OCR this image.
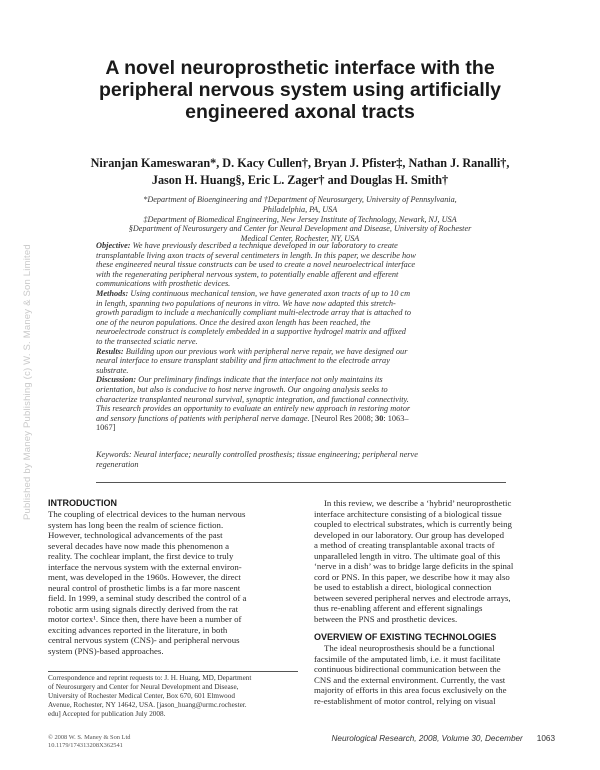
Published by Maney Publishing (c) W. S. Maney & Son Limited
A novel neuroprosthetic interface with the
peripheral nervous system using artificially
engineered axonal tracts
Niranjan Kameswaran*, D. Kacy Cullen†, Bryan J. Pfister‡, Nathan J. Ranalli†,
Jason H. Huang§, Eric L. Zager† and Douglas H. Smith†
*Department of Bioengineering and †Department of Neurosurgery, University of Pennsylvania,
Philadelphia, PA, USA
‡Department of Biomedical Engineering, New Jersey Institute of Technology, Newark, NJ, USA
§Department of Neurosurgery and Center for Neural Development and Disease, University of Rochester
Medical Center, Rochester, NY, USA
Objective: We have previously described a technique developed in our laboratory to create
transplantable living axon tracts of several centimeters in length. In this paper, we describe how
these engineered neural tissue constructs can be used to create a novel neuroelectrical interface
with the regenerating peripheral nervous system, to potentially enable afferent and efferent
communications with prosthetic devices.
Methods: Using continuous mechanical tension, we have generated axon tracts of up to 10 cm
in length, spanning two populations of neurons in vitro. We have now adapted this stretch-
growth paradigm to include a mechanically compliant multi-electrode array that is attached to
one of the neuron populations. Once the desired axon length has been reached, the
neuroelectrode construct is completely embedded in a supportive hydrogel matrix and affixed
to the transected sciatic nerve.
Results: Building upon our previous work with peripheral nerve repair, we have designed our
neural interface to ensure transplant stability and firm attachment to the electrode array
substrate.
Discussion: Our preliminary findings indicate that the interface not only maintains its
orientation, but also is conducive to host nerve ingrowth. Our ongoing analysis seeks to
characterize transplanted neuronal survival, synaptic integration, and functional connectivity.
This research provides an opportunity to evaluate an entirely new approach in restoring motor
and sensory functions of patients with peripheral nerve damage. [Neurol Res 2008; 30: 1063–
1067]
Keywords: Neural interface; neurally controlled prosthesis; tissue engineering; peripheral nerve
regeneration
INTRODUCTION
The coupling of electrical devices to the human nervous
system has long been the realm of science fiction.
However, technological advancements of the past
several decades have now made this phenomenon a
reality. The cochlear implant, the first device to truly
interface the nervous system with the external environ-
ment, was developed in the 1960s. However, the direct
neural control of prosthetic limbs is a far more nascent
field. In 1999, a seminal study described the control of a
robotic arm using signals directly derived from the rat
motor cortex¹. Since then, there have been a number of
exciting advances reported in the literature, in both
central nervous system (CNS)- and peripheral nervous
system (PNS)-based approaches.
Correspondence and reprint requests to: J. H. Huang, MD, Department
of Neurosurgery and Center for Neural Development and Disease,
University of Rochester Medical Center, Box 670, 601 Elmwood
Avenue, Rochester, NY 14642, USA. [jason_huang@urmc.rochester.
edu] Accepted for publication July 2008.
In this review, we describe a ‘hybrid’ neuroprosthetic
interface architecture consisting of a biological tissue
coupled to electrical substrates, which is currently being
developed in our laboratory. Our group has developed
a method of creating transplantable axonal tracts of
unparalleled length in vitro. The ultimate goal of this
‘nerve in a dish’ was to bridge large deficits in the spinal
cord or PNS. In this paper, we describe how it may also
be used to establish a direct, biological connection
between severed peripheral nerves and electrode arrays,
thus re-enabling afferent and efferent signalings
between the PNS and prosthetic devices.
OVERVIEW OF EXISTING TECHNOLOGIES
The ideal neuroprosthesis should be a functional
facsimile of the amputated limb, i.e. it must facilitate
continuous bidirectional communication between the
CNS and the external environment. Currently, the vast
majority of efforts in this area focus exclusively on the
re-establishment of motor control, relying on visual
© 2008 W. S. Maney & Son Ltd
10.1179/174313208X362541
Neurological Research, 2008, Volume 30, December 1063
